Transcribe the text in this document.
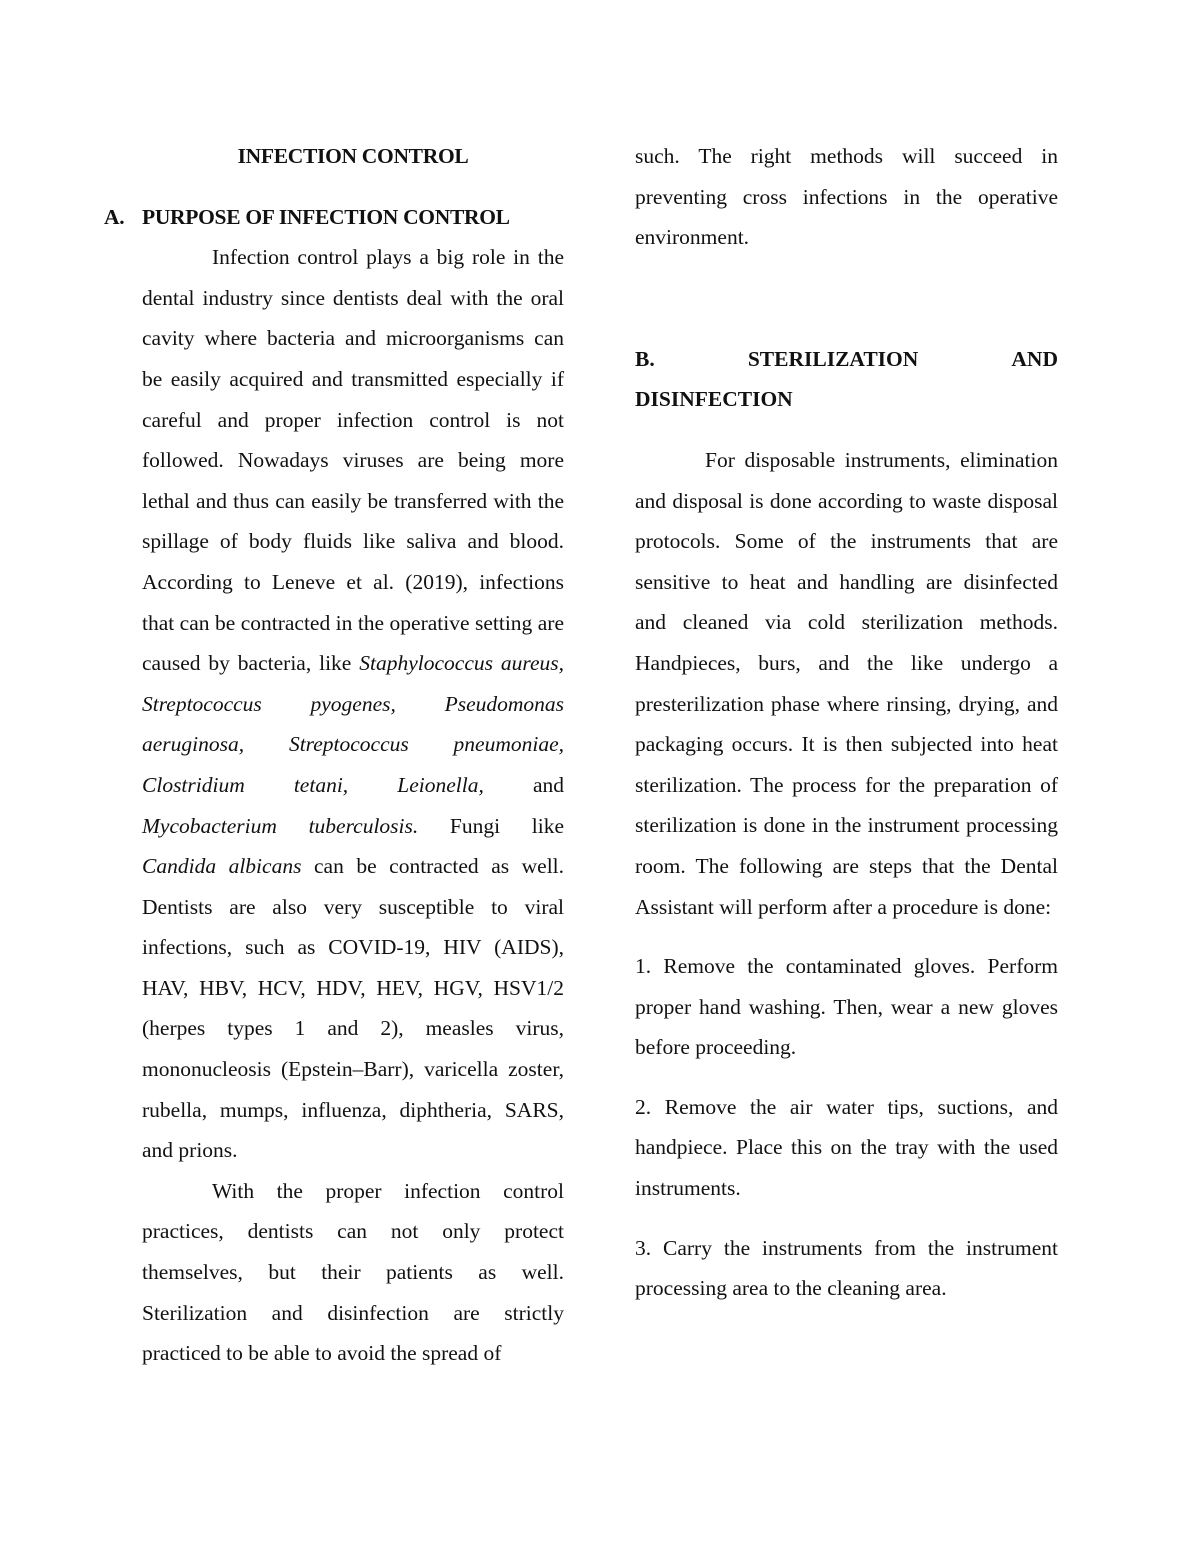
INFECTION CONTROL
A. PURPOSE OF INFECTION CONTROL

Infection control plays a big role in the dental industry since dentists deal with the oral cavity where bacteria and microorganisms can be easily acquired and transmitted especially if careful and proper infection control is not followed. Nowadays viruses are being more lethal and thus can easily be transferred with the spillage of body fluids like saliva and blood. According to Leneve et al. (2019), infections that can be contracted in the operative setting are caused by bacteria, like Staphylococcus aureus, Streptococcus pyogenes, Pseudomonas aeruginosa, Streptococcus pneumoniae, Clostridium tetani, Leionella, and Mycobacterium tuberculosis. Fungi like Candida albicans can be contracted as well. Dentists are also very susceptible to viral infections, such as COVID-19, HIV (AIDS), HAV, HBV, HCV, HDV, HEV, HGV, HSV1/2 (herpes types 1 and 2), measles virus, mononucleosis (Epstein–Barr), varicella zoster, rubella, mumps, influenza, diphtheria, SARS, and prions.

With the proper infection control practices, dentists can not only protect themselves, but their patients as well. Sterilization and disinfection are strictly practiced to be able to avoid the spread of

such. The right methods will succeed in preventing cross infections in the operative environment.

B.	STERILIZATION	AND
DISINFECTION

For disposable instruments, elimination and disposal is done according to waste disposal protocols. Some of the instruments that are sensitive to heat and handling are disinfected and cleaned via cold sterilization methods. Handpieces, burs, and the like undergo a presterilization phase where rinsing, drying, and packaging occurs. It is then subjected into heat sterilization. The process for the preparation of sterilization is done in the instrument processing room. The following are steps that the Dental Assistant will perform after a procedure is done:

1. Remove the contaminated gloves. Perform proper hand washing. Then, wear a new gloves before proceeding.

2. Remove the air water tips, suctions, and handpiece. Place this on the tray with the used instruments.

3. Carry the instruments from the instrument processing area to the cleaning area.
